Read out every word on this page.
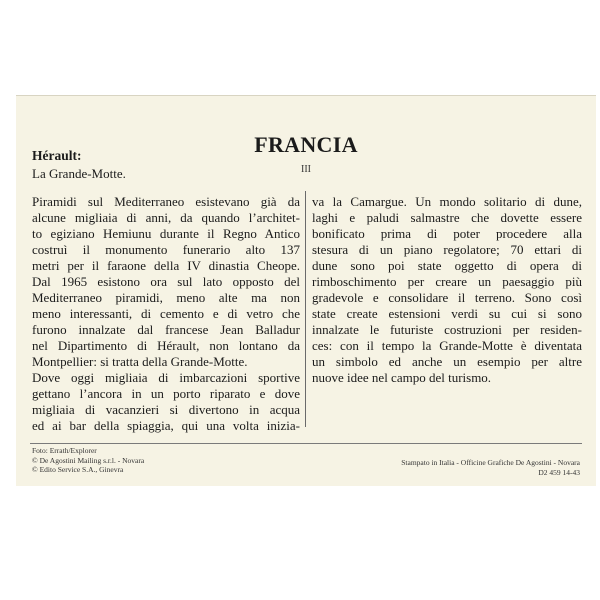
FRANCIA
III
Hérault:
La Grande-Motte.
Piramidi sul Mediterraneo esistevano già da
alcune migliaia di anni, da quando l’architet-
to egiziano Hemiunu durante il Regno Antico
costruì il monumento funerario alto 137
metri per il faraone della IV dinastia Cheope.
Dal 1965 esistono ora sul lato opposto del
Mediterraneo piramidi, meno alte ma non
meno interessanti, di cemento e di vetro che
furono innalzate dal francese Jean Balladur
nel Dipartimento di Hérault, non lontano da
Montpellier: si tratta della Grande-Motte.
Dove oggi migliaia di imbarcazioni sportive
gettano l’ancora in un porto riparato e dove
migliaia di vacanzieri si divertono in acqua
ed ai bar della spiaggia, qui una volta inizia-
va la Camargue. Un mondo solitario di dune,
laghi e paludi salmastre che dovette essere
bonificato prima di poter procedere alla
stesura di un piano regolatore; 70 ettari di
dune sono poi state oggetto di opera di
rimboschimento per creare un paesaggio più
gradevole e consolidare il terreno. Sono così
state create estensioni verdi su cui si sono
innalzate le futuriste costruzioni per residen-
ces: con il tempo la Grande-Motte è diventata
un simbolo ed anche un esempio per altre
nuove idee nel campo del turismo.
Foto: Errath/Explorer
© De Agostini Mailing s.r.l. - Novara
© Edito Service S.A., Ginevra
Stampato in Italia - Officine Grafiche De Agostini - Novara
D2 459 14-43
